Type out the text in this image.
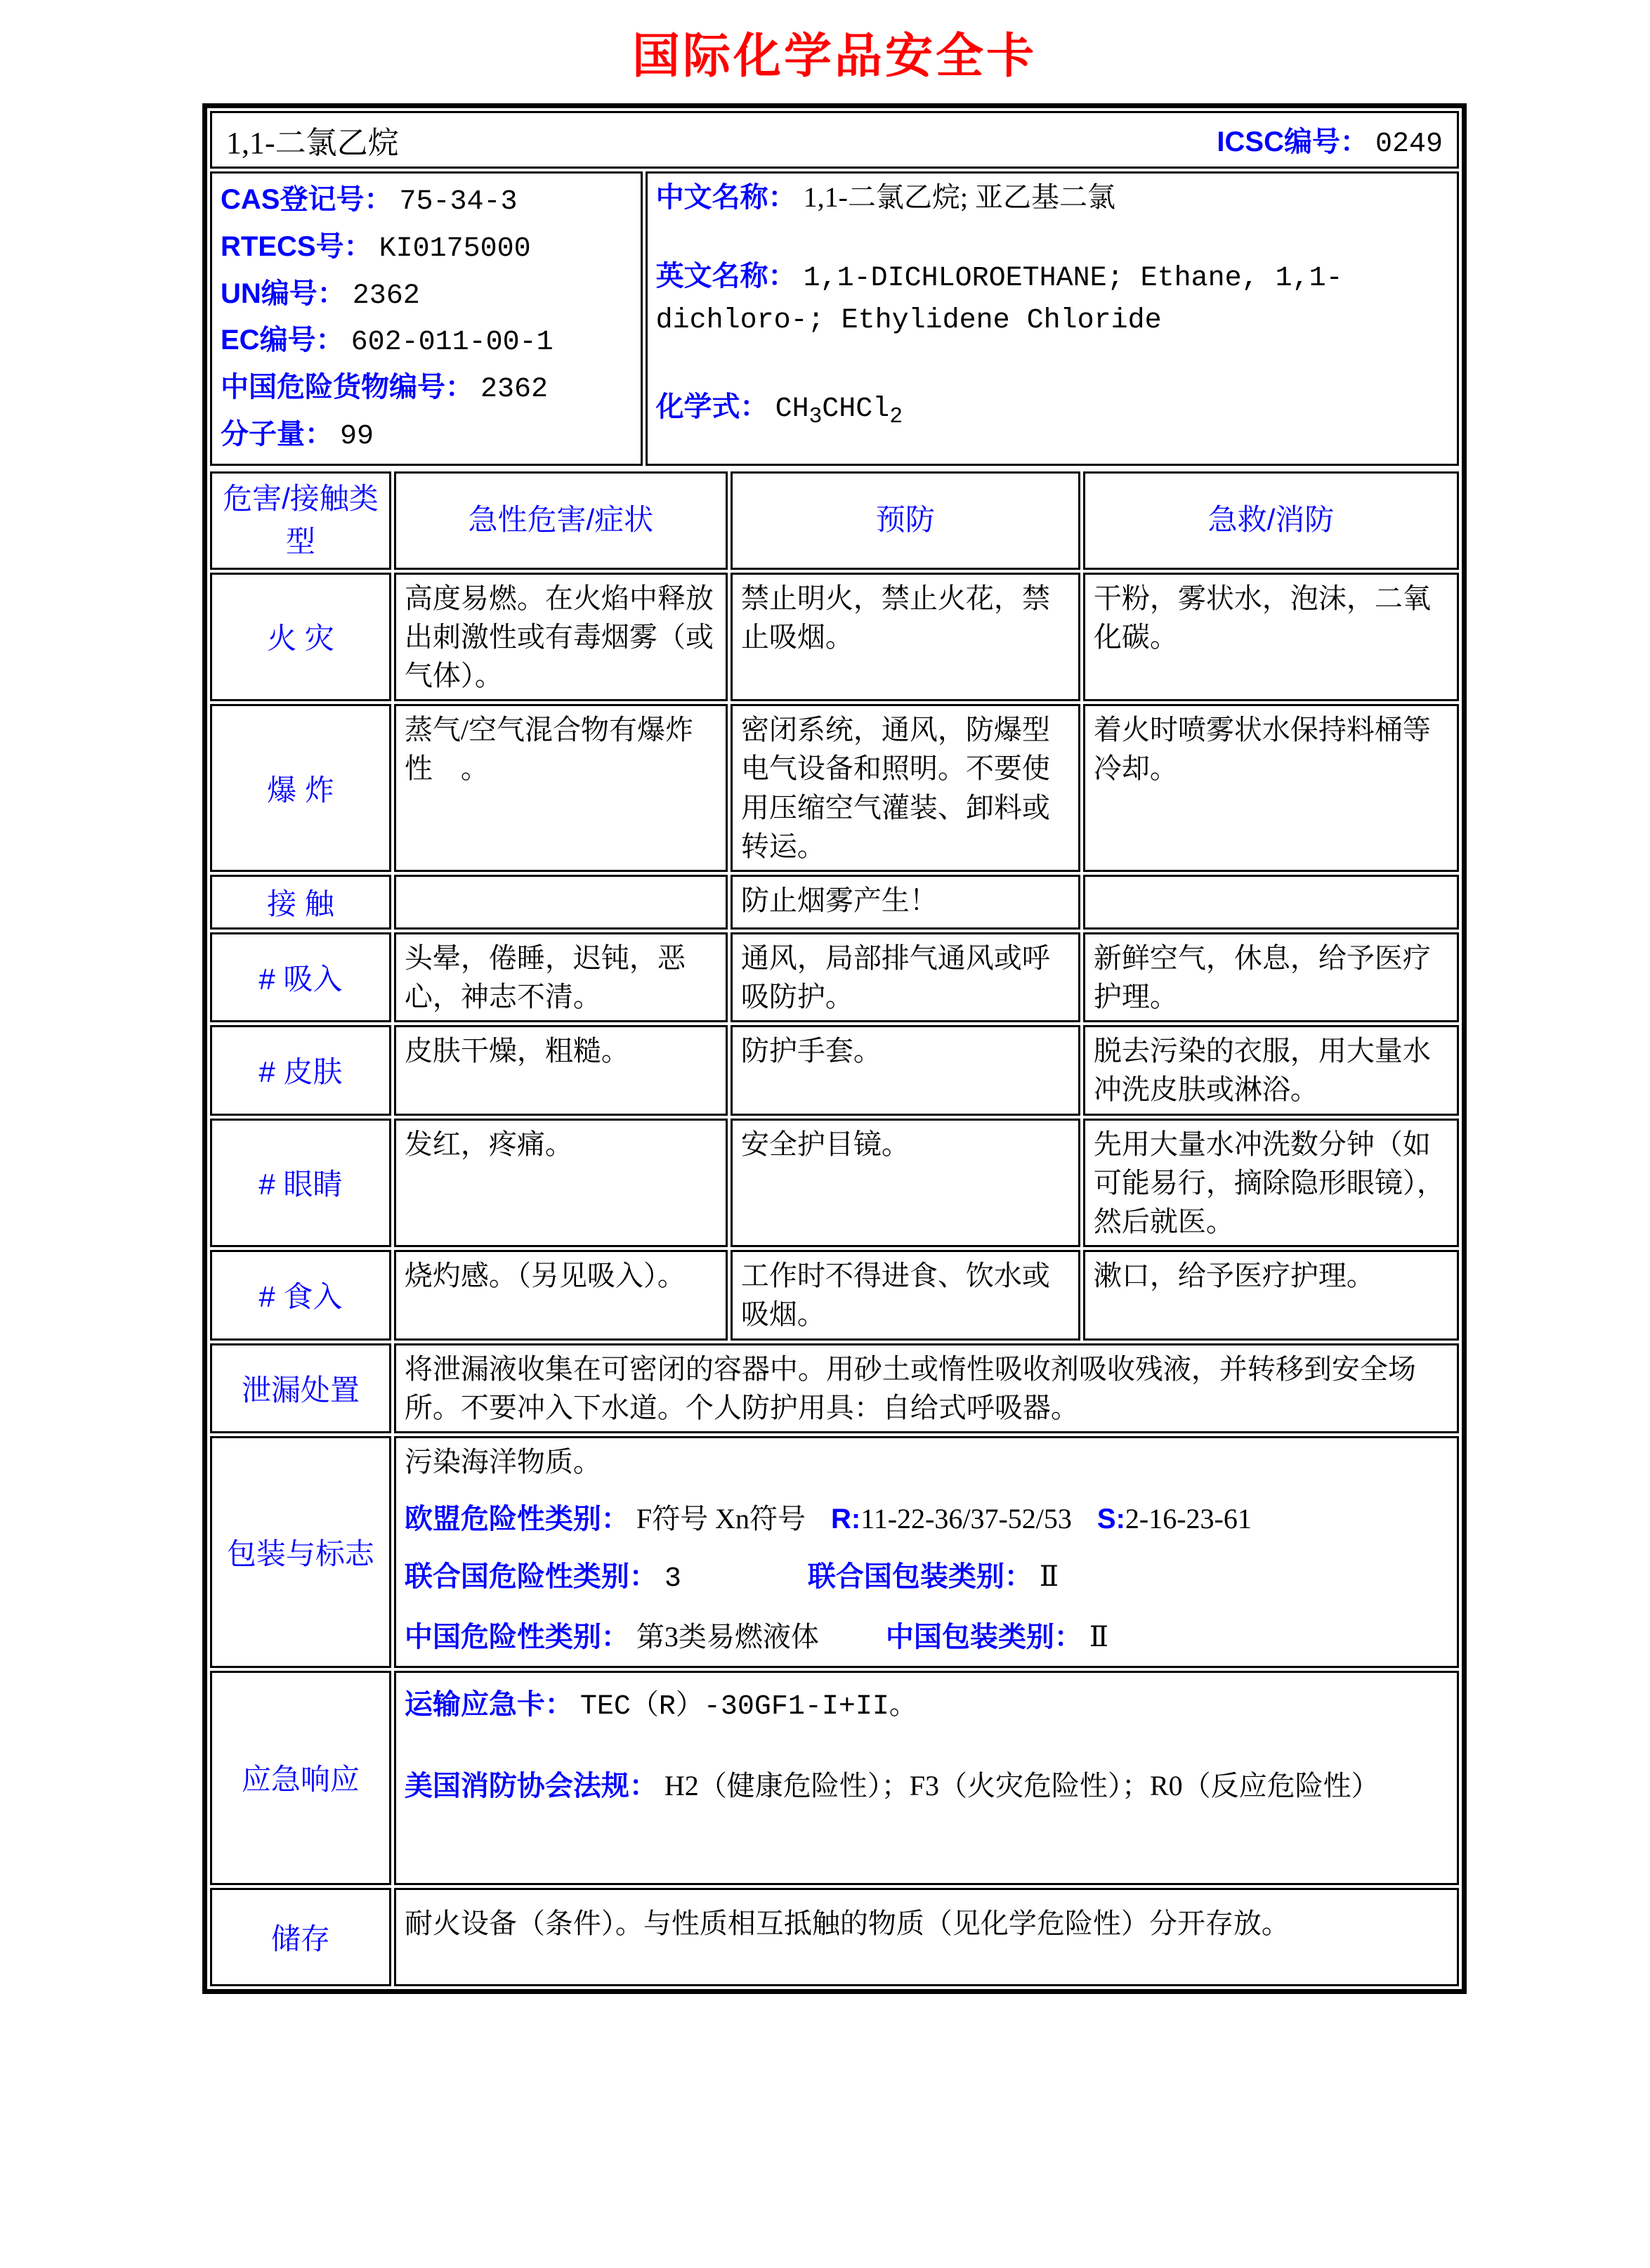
国际化学品安全卡
1,1-二氯乙烷	ICSC编号： 0249

CAS登记号： 75-34-3

RTECS号： KI0175000

UN编号： 2362

EC编号： 602-011-00-1

中国危险货物编号： 2362

分子量： 99

中文名称： 1,1-二氯乙烷; 亚乙基二氯

英文名称： 1,1-DICHLOROETHANE; Ethane, 1,1-dichloro-; Ethylidene Chloride

化学式： $CH_3CHCl_2$

危害/接触类型	急性危害/症状	预防	急救/消防
火 灾	高度易燃。在火焰中释放出刺激性或有毒烟雾（或气体）。	禁止明火，禁止火花，禁止吸烟。	干粉，雾状水，泡沫，二氧化碳。
爆 炸	蒸气/空气混合物有爆炸性　。	密闭系统，通风，防爆型电气设备和照明。不要使用压缩空气灌装、卸料或转运。	着火时喷雾状水保持料桶等冷却。
接 触		防止烟雾产生！	
# 吸入	头晕，倦睡，迟钝，恶心，神志不清。	通风，局部排气通风或呼吸防护。	新鲜空气，休息，给予医疗护理。
# 皮肤	皮肤干燥，粗糙。	防护手套。	脱去污染的衣服，用大量水冲洗皮肤或淋浴。
# 眼睛	发红，疼痛。	安全护目镜。	先用大量水冲洗数分钟（如可能易行，摘除隐形眼镜），然后就医。
# 食入	烧灼感。（另见吸入）。	工作时不得进食、饮水或吸烟。	漱口，给予医疗护理。
泄漏处置	将泄漏液收集在可密闭的容器中。用砂土或惰性吸收剂吸收残液，并转移到安全场所。不要冲入下水道。个人防护用具：自给式呼吸器。		
包装与标志	污染海洋物质。

欧盟危险性类别： F符号 Xn符号 R:11-22-36/37-52/53 S:2-16-23-61

联合国危险性类别： 3 联合国包装类别： Ⅱ

中国危险性类别： 第3类易燃液体 中国包装类别： Ⅱ		

应急响应	运输应急卡： TEC（R）-30GF1-I+II。

美国消防协会法规： H2（健康危险性）；F3（火灾危险性）；R0（反应危险性）		

储存	耐火设备（条件）。与性质相互抵触的物质（见化学危险性）分开存放。		
